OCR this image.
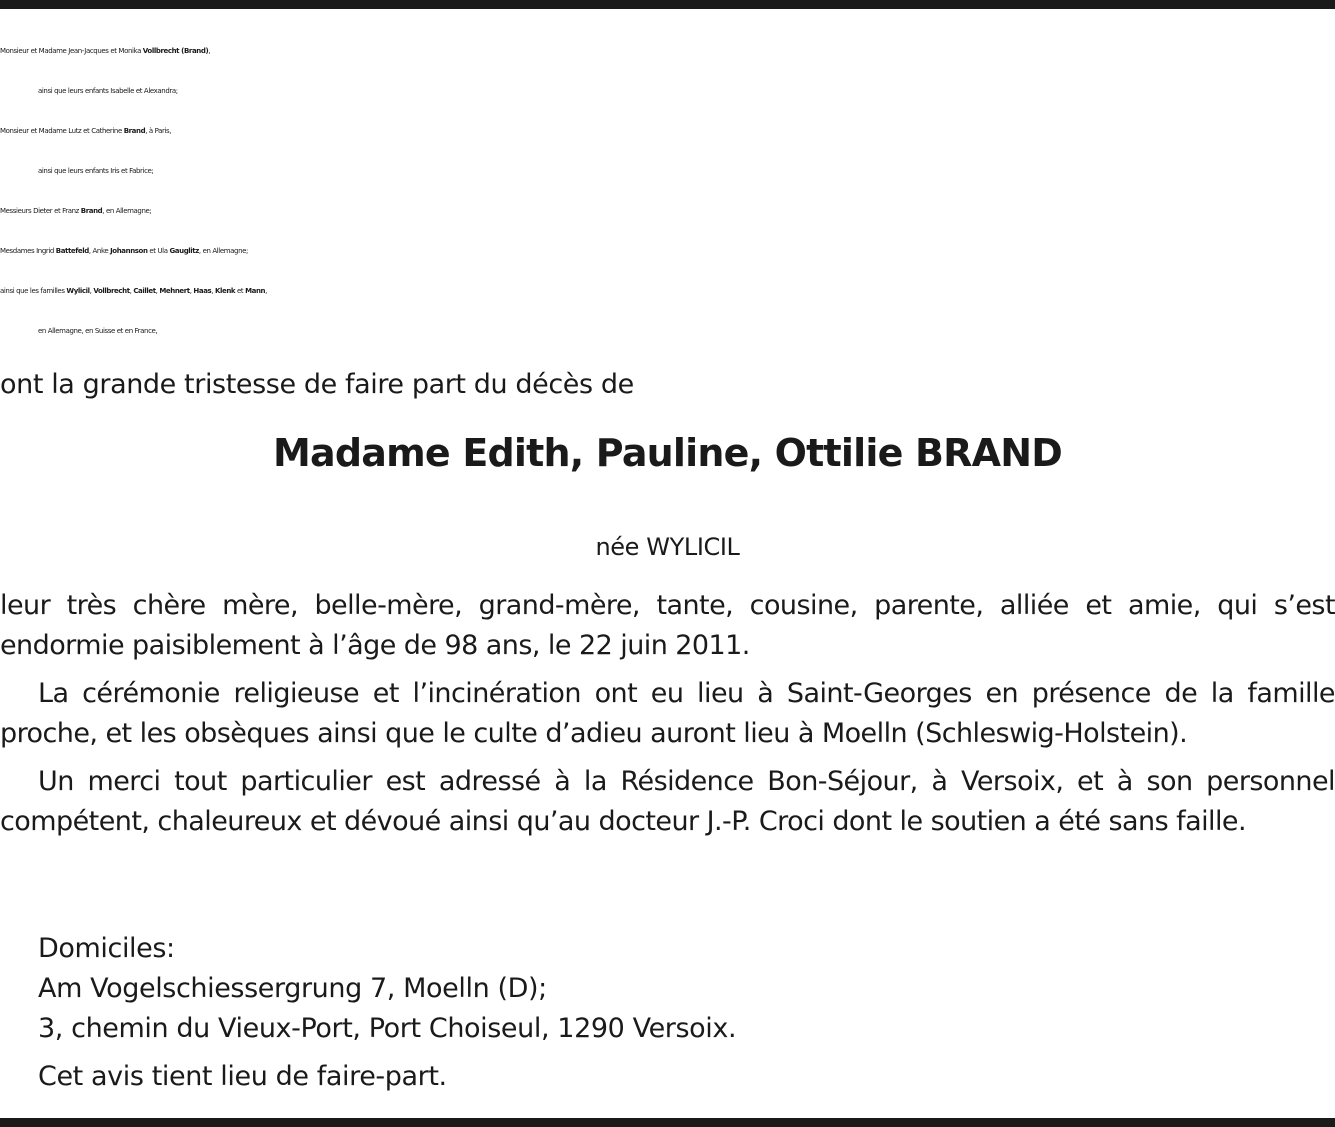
Monsieur et Madame Jean-Jacques et Monika Vollbrecht (Brand),
ainsi que leurs enfants Isabelle et Alexandra;
Monsieur et Madame Lutz et Catherine Brand, à Paris,
ainsi que leurs enfants Iris et Fabrice;
Messieurs Dieter et Franz Brand, en Allemagne;
Mesdames Ingrid Battefeld, Anke Johannson et Ula Gauglitz, en Allemagne;
ainsi que les familles Wylicil, Vollbrecht, Caillet, Mehnert, Haas, Klenk et Mann,
en Allemagne, en Suisse et en France,
ont la grande tristesse de faire part du décès de
Madame Edith, Pauline, Ottilie BRAND
née WYLICIL

leur très chère mère, belle-mère, grand-mère, tante, cousine, parente, alliée et amie, qui s’est endormie paisiblement à l’âge de 98 ans, le 22 juin 2011.

La cérémonie religieuse et l’incinération ont eu lieu à Saint-Georges en présence de la famille proche, et les obsèques ainsi que le culte d’adieu auront lieu à Moelln (Schleswig-Holstein).

Un merci tout particulier est adressé à la Résidence Bon-Séjour, à Versoix, et à son personnel compétent, chaleureux et dévoué ainsi qu’au docteur J.-P. Croci dont le soutien a été sans faille.

Domiciles:
Am Vogelschiessergrung 7, Moelln (D);
3, chemin du Vieux-Port, Port Choiseul, 1290 Versoix.
Cet avis tient lieu de faire-part.
